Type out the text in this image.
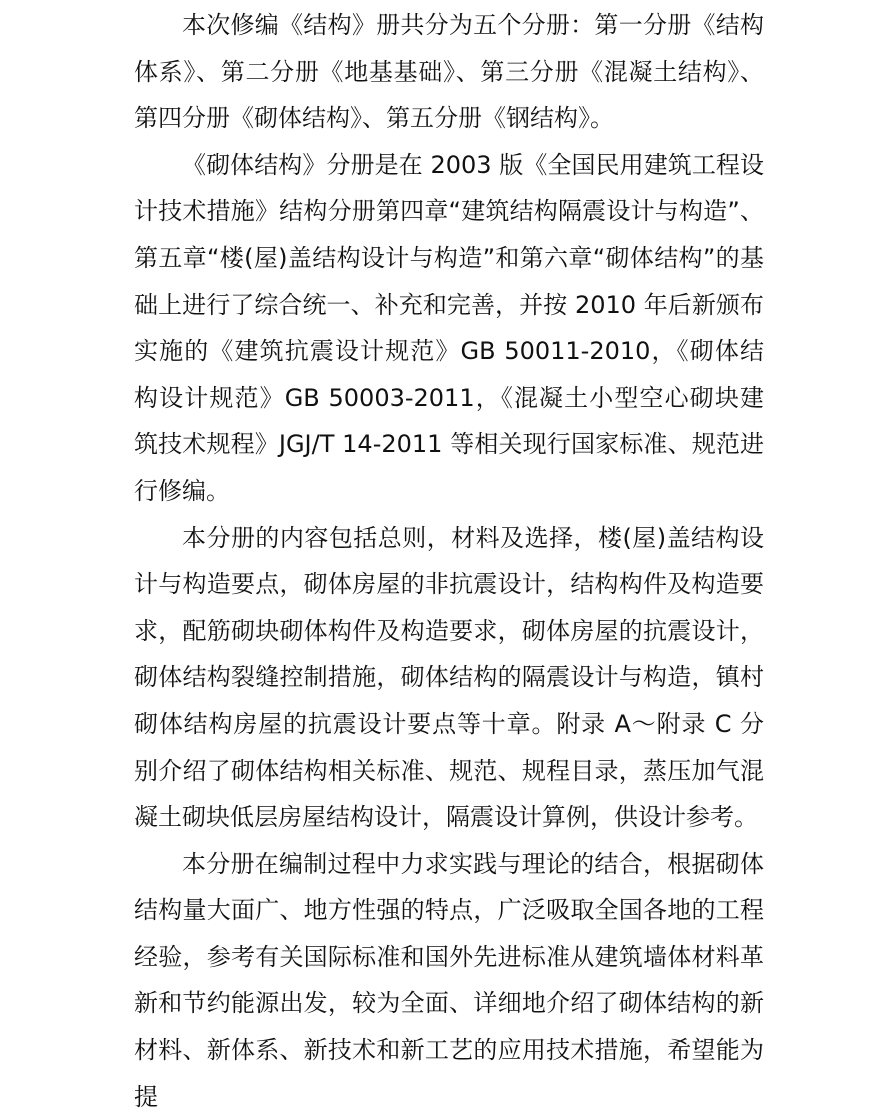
本次修编《结构》册共分为五个分册：第一分册《结构体系》、第二分册《地基基础》、第三分册《混凝土结构》、第四分册《砌体结构》、第五分册《钢结构》。

《砌体结构》分册是在 2003 版《全国民用建筑工程设计技术措施》结构分册第四章“建筑结构隔震设计与构造”、第五章“楼(屋)盖结构设计与构造”和第六章“砌体结构”的基础上进行了综合统一、补充和完善，并按 2010 年后新颁布实施的《建筑抗震设计规范》GB 50011-2010，《砌体结构设计规范》GB 50003-2011，《混凝土小型空心砌块建筑技术规程》JGJ/T 14-2011 等相关现行国家标准、规范进行修编。

本分册的内容包括总则，材料及选择，楼(屋)盖结构设计与构造要点，砌体房屋的非抗震设计，结构构件及构造要求，配筋砌块砌体构件及构造要求，砌体房屋的抗震设计，砌体结构裂缝控制措施，砌体结构的隔震设计与构造，镇村砌体结构房屋的抗震设计要点等十章。附录 A～附录 C 分别介绍了砌体结构相关标准、规范、规程目录，蒸压加气混凝土砌块低层房屋结构设计，隔震设计算例，供设计参考。

本分册在编制过程中力求实践与理论的结合，根据砌体结构量大面广、地方性强的特点，广泛吸取全国各地的工程经验，参考有关国际标准和国外先进标准从建筑墙体材料革新和节约能源出发，较为全面、详细地介绍了砌体结构的新材料、新体系、新技术和新工艺的应用技术措施，希望能为提
